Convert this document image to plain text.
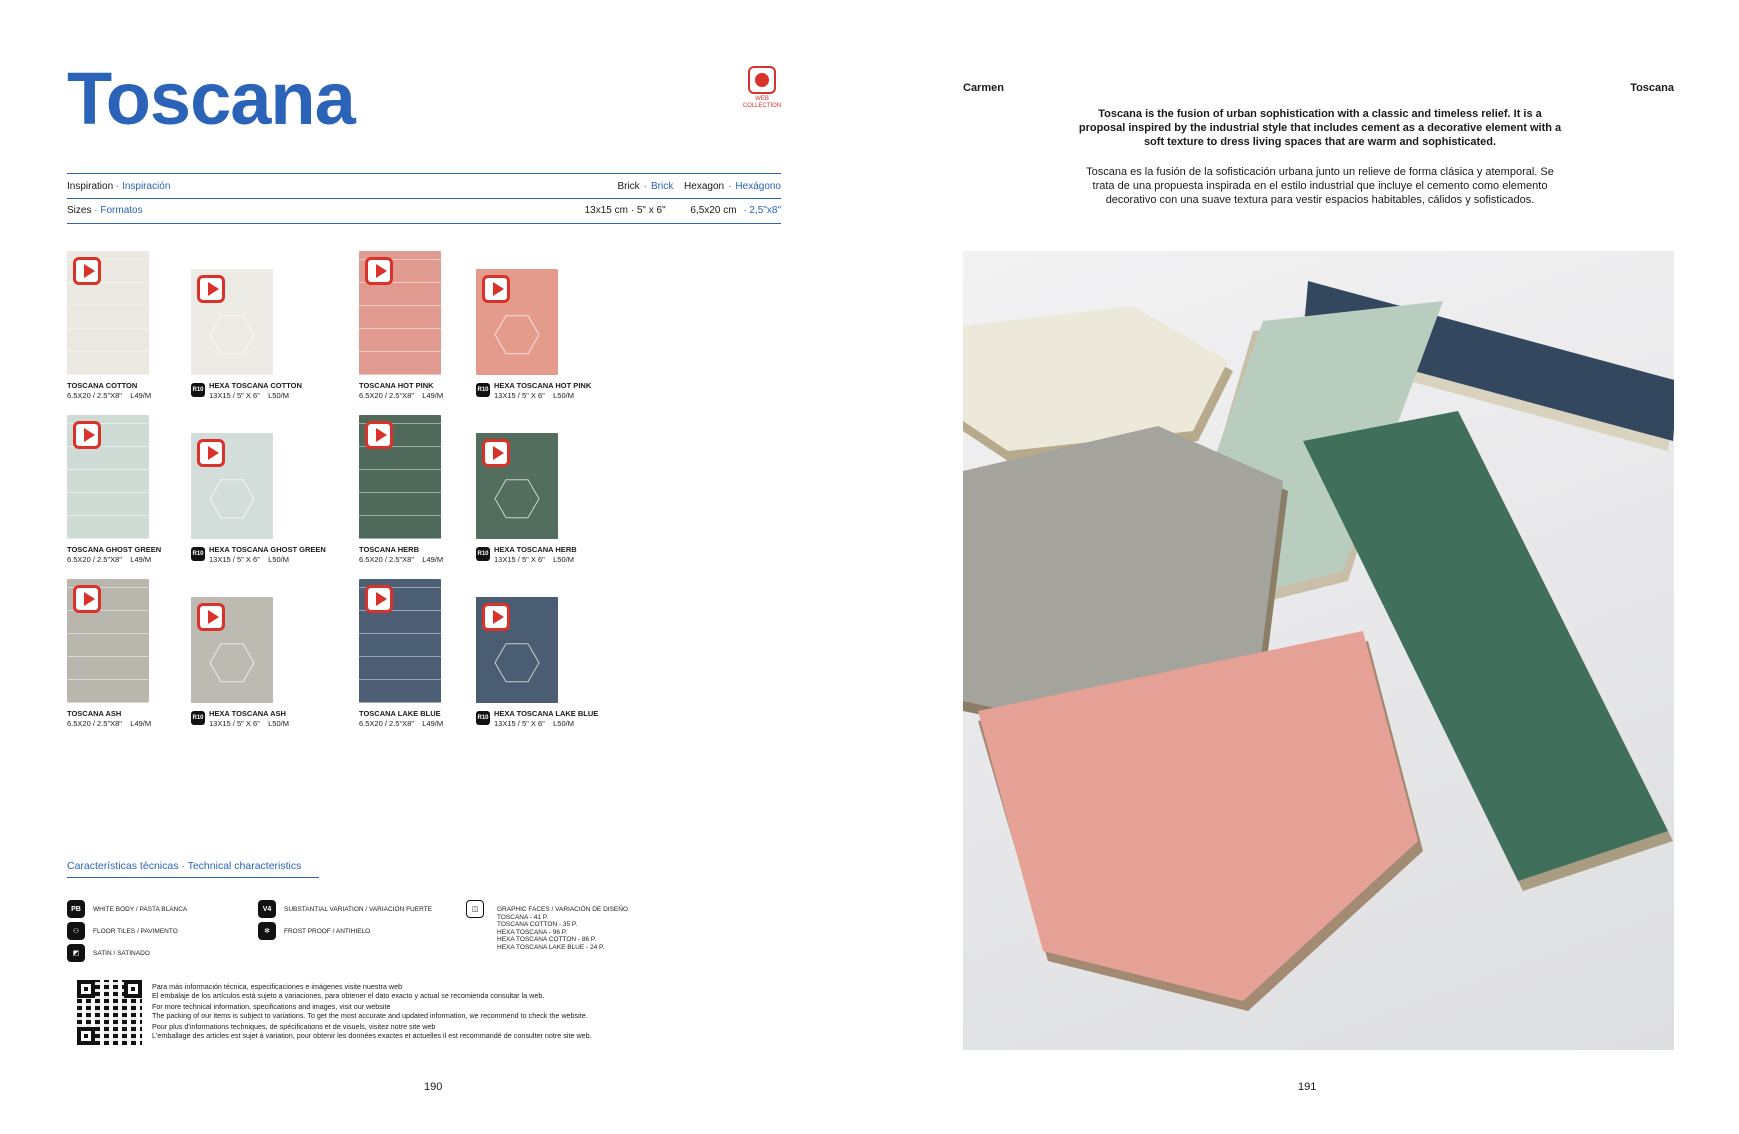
Toscana	WEB
COLLECTION
Inspiration · Inspiración	Brick · Brick Hexagon · Hexágono
Sizes · Formatos	13x15 cm · 5" x 6" 6,5x20 cm · 2,5"x8"
TOSCANA COTTON
6.5X20 / 2.5"X8"    L49/M
R10 HEXA TOSCANA COTTON
13X15 / 5" X 6"    L50/M
TOSCANA HOT PINK
6.5X20 / 2.5"X8"    L49/M
R10 HEXA TOSCANA HOT PINK
13X15 / 5" X 6"    L50/M
TOSCANA GHOST GREEN
6.5X20 / 2.5"X8"    L49/M
R10 HEXA TOSCANA GHOST GREEN
13X15 / 5" X 6"    L50/M
TOSCANA HERB
6.5X20 / 2.5"X8"    L49/M
R10 HEXA TOSCANA HERB
13X15 / 5" X 6"    L50/M
TOSCANA ASH
6.5X20 / 2.5"X8"    L49/M
R10 HEXA TOSCANA ASH
13X15 / 5" X 6"    L50/M
TOSCANA LAKE BLUE
6.5X20 / 2.5"X8"    L49/M
R10 HEXA TOSCANA LAKE BLUE
13X15 / 5" X 6"    L50/M
Características técnicas · Technical characteristics
PB	WHITE BODY / PASTA BLANCA
⚇	FLOOR TILES / PAVIMENTO
◩	SATIN / SATINADO
V4	SUBSTANTIAL VARIATION / VARIACIÓN FUERTE
✻	FROST PROOF / ANTIHIELO
◫	GRAPHIC FACES / VARIACIÓN DE DISEÑO
TOSCANA - 41 P.
TOSCANA COTTON - 35 P.
HEXA TOSCANA - 96 P.
HEXA TOSCANA COTTON - 86 P.
HEXA TOSCANA LAKE BLUE - 24 P.

Para más información técnica, especificaciones e imágenes visite nuestra web
El embalaje de los artículos está sujeto a variaciones, para obtener el dato exacto y actual se recomienda consultar la web.

For more technical information, specifications and images, visit our website
The packing of our items is subject to variations. To get the most accurate and updated information, we recommend to check the website.

Pour plus d'informations techniques, de spécifications et de visuels, visitez notre site web
L'emballage des articles est sujet à variation, pour obtenir les données exactes et actuelles il est recommandé de consulter notre site web.

190
Carmen	Toscana
Toscana is the fusion of urban sophistication with a classic and timeless relief. It is a proposal inspired by the industrial style that includes cement as a decorative element with a soft texture to dress living spaces that are warm and sophisticated.
Toscana es la fusión de la sofisticación urbana junto un relieve de forma clásica y atemporal. Se trata de una propuesta inspirada en el estilo industrial que incluye el cemento como elemento decorativo con una suave textura para vestir espacios habitables, cálidos y sofisticados.
191
